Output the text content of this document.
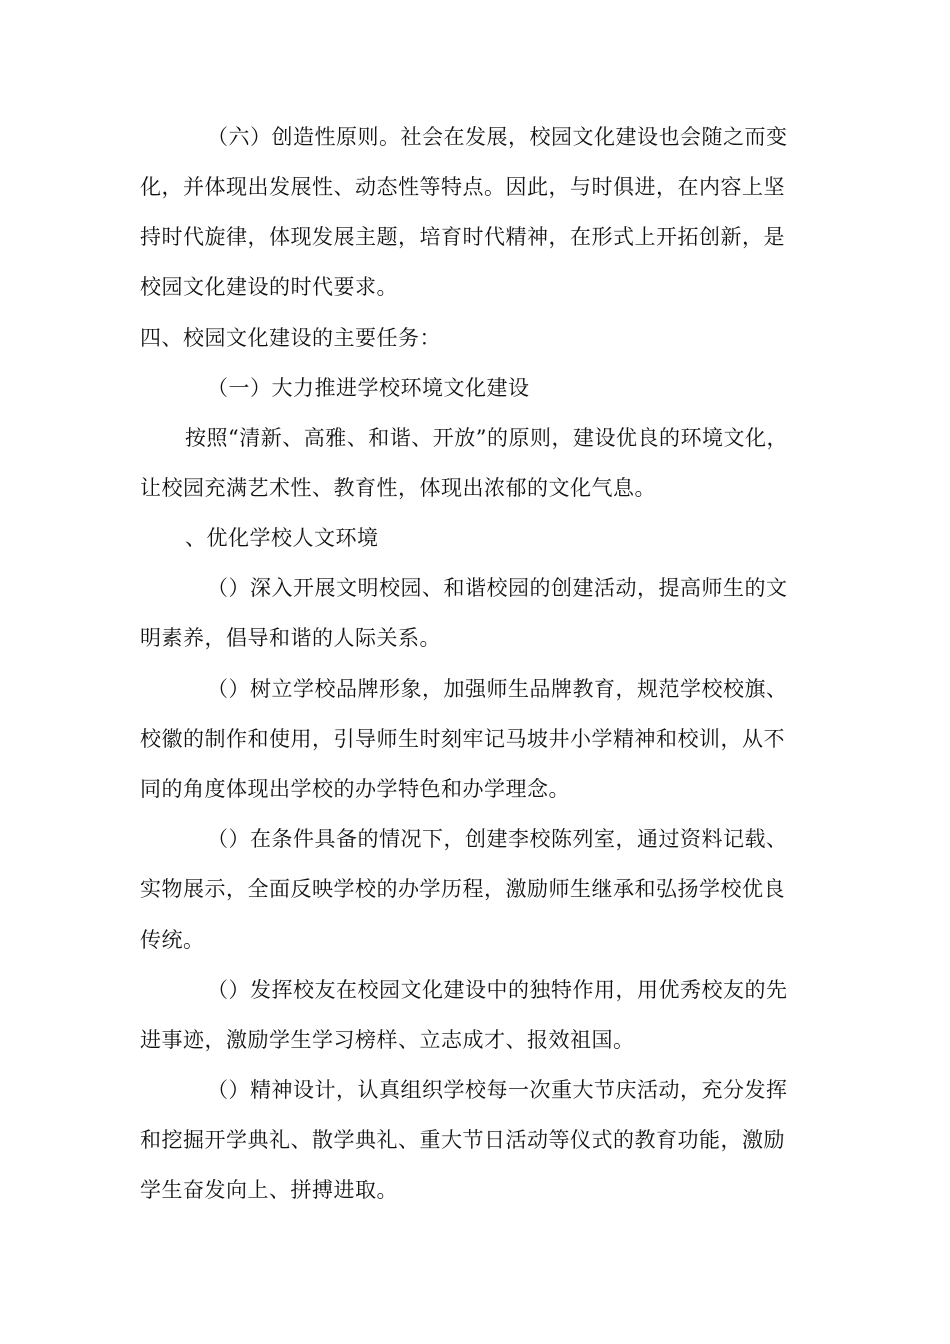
（六）创造性原则。社会在发展，校园文化建设也会随之而变
化，并体现出发展性、动态性等特点。因此，与时俱进，在内容上坚
持时代旋律，体现发展主题，培育时代精神，在形式上开拓创新，是
校园文化建设的时代要求。
四、校园文化建设的主要任务：
（一）大力推进学校环境文化建设
按照“清新、高雅、和谐、开放”的原则，建设优良的环境文化，
让校园充满艺术性、教育性，体现出浓郁的文化气息。
、优化学校人文环境
（）深入开展文明校园、和谐校园的创建活动，提高师生的文
明素养，倡导和谐的人际关系。
（）树立学校品牌形象，加强师生品牌教育，规范学校校旗、
校徽的制作和使用，引导师生时刻牢记马坡井小学精神和校训，从不
同的角度体现出学校的办学特色和办学理念。
（）在条件具备的情况下，创建李校陈列室，通过资料记载、
实物展示，全面反映学校的办学历程，激励师生继承和弘扬学校优良
传统。
（）发挥校友在校园文化建设中的独特作用，用优秀校友的先
进事迹，激励学生学习榜样、立志成才、报效祖国。
（）精神设计，认真组织学校每一次重大节庆活动，充分发挥
和挖掘开学典礼、散学典礼、重大节日活动等仪式的教育功能，激励
学生奋发向上、拼搏进取。
